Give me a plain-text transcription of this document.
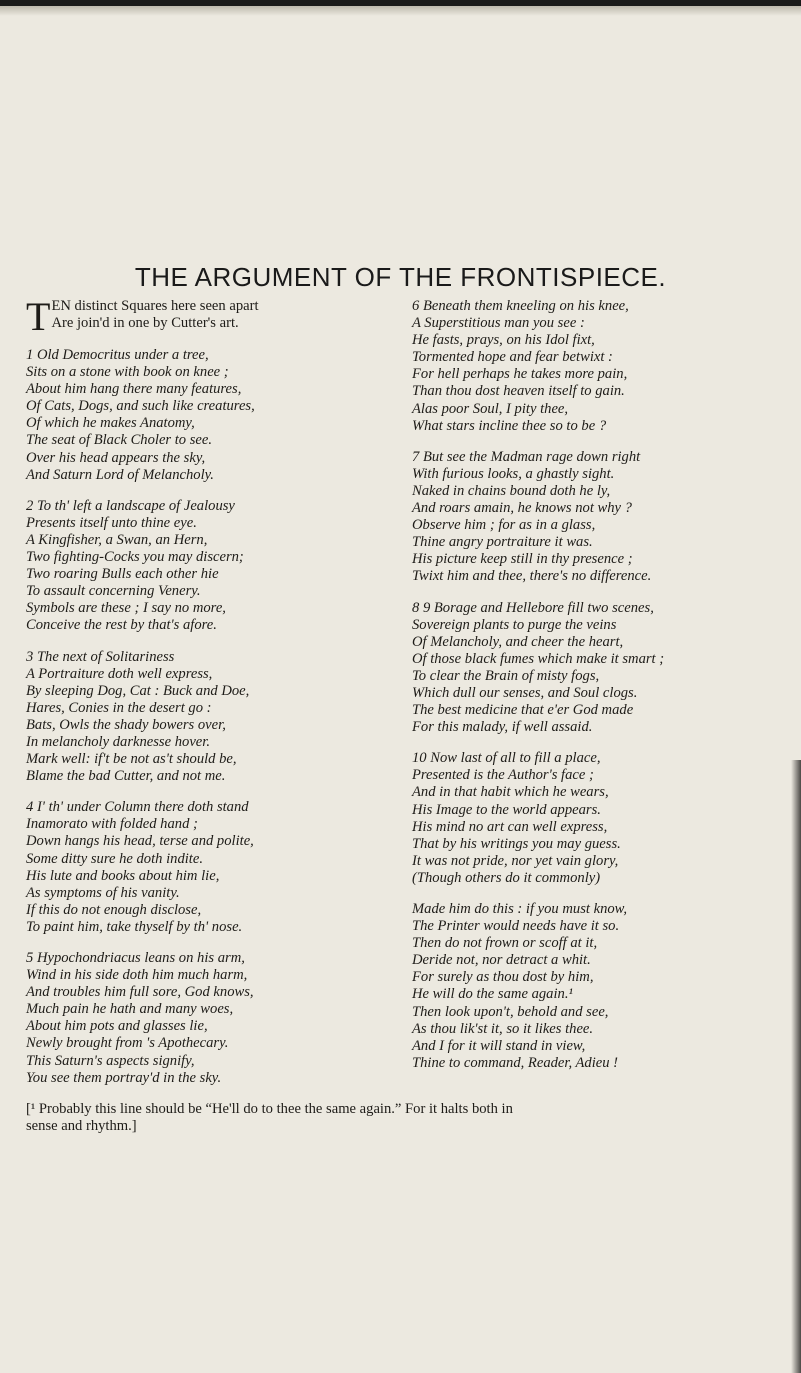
THE ARGUMENT OF THE FRONTISPIECE.
T EN distinct Squares here seen apart
Are join'd in one by Cutter's art.
1 Old Democritus under a tree,
Sits on a stone with book on knee ;
About him hang there many features,
Of Cats, Dogs, and such like creatures,
Of which he makes Anatomy,
The seat of Black Choler to see.
Over his head appears the sky,
And Saturn Lord of Melancholy.
2 To th' left a landscape of Jealousy
Presents itself unto thine eye.
A Kingfisher, a Swan, an Hern,
Two fighting-Cocks you may discern;
Two roaring Bulls each other hie
To assault concerning Venery.
Symbols are these ; I say no more,
Conceive the rest by that's afore.
3 The next of Solitariness
A Portraiture doth well express,
By sleeping Dog, Cat : Buck and Doe,
Hares, Conies in the desert go :
Bats, Owls the shady bowers over,
In melancholy darknesse hover.
Mark well: if't be not as't should be,
Blame the bad Cutter, and not me.
4 I' th' under Column there doth stand
Inamorato with folded hand ;
Down hangs his head, terse and polite,
Some ditty sure he doth indite.
His lute and books about him lie,
As symptoms of his vanity.
If this do not enough disclose,
To paint him, take thyself by th' nose.
5 Hypochondriacus leans on his arm,
Wind in his side doth him much harm,
And troubles him full sore, God knows,
Much pain he hath and many woes,
About him pots and glasses lie,
Newly brought from 's Apothecary.
This Saturn's aspects signify,
You see them portray'd in the sky.
6 Beneath them kneeling on his knee,
A Superstitious man you see :
He fasts, prays, on his Idol fixt,
Tormented hope and fear betwixt :
For hell perhaps he takes more pain,
Than thou dost heaven itself to gain.
Alas poor Soul, I pity thee,
What stars incline thee so to be ?
7 But see the Madman rage down right
With furious looks, a ghastly sight.
Naked in chains bound doth he ly,
And roars amain, he knows not why ?
Observe him ; for as in a glass,
Thine angry portraiture it was.
His picture keep still in thy presence ;
Twixt him and thee, there's no difference.
8 9 Borage and Hellebore fill two scenes,
Sovereign plants to purge the veins
Of Melancholy, and cheer the heart,
Of those black fumes which make it smart ;
To clear the Brain of misty fogs,
Which dull our senses, and Soul clogs.
The best medicine that e'er God made
For this malady, if well assaid.
10 Now last of all to fill a place,
Presented is the Author's face ;
And in that habit which he wears,
His Image to the world appears.
His mind no art can well express,
That by his writings you may guess.
It was not pride, nor yet vain glory,
(Though others do it commonly)
Made him do this : if you must know,
The Printer would needs have it so.
Then do not frown or scoff at it,
Deride not, nor detract a whit.
For surely as thou dost by him,
He will do the same again.¹
Then look upon't, behold and see,
As thou lik'st it, so it likes thee.
And I for it will stand in view,
Thine to command, Reader, Adieu !
[¹ Probably this line should be “He'll do to thee the same again.” For it halts both in
sense and rhythm.]
